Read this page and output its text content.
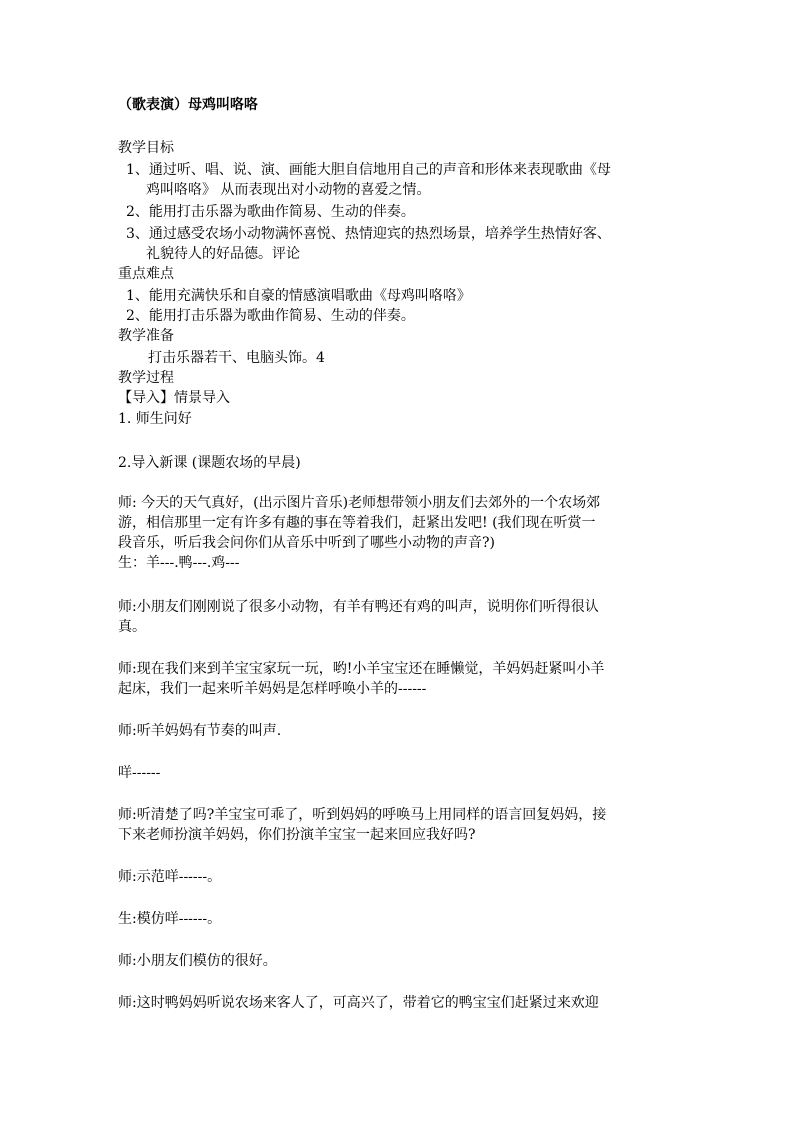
（歌表演）母鸡叫咯咯
教学目标
1、通过听、唱、说、演、画能大胆自信地用自己的声音和形体来表现歌曲《母
鸡叫咯咯》 从而表现出对小动物的喜爱之情。
2、能用打击乐器为歌曲作简易、生动的伴奏。
3、通过感受农场小动物满怀喜悦、热情迎宾的热烈场景，培养学生热情好客、
礼貌待人的好品德。评论
重点难点
1、能用充满快乐和自豪的情感演唱歌曲《母鸡叫咯咯》
2、能用打击乐器为歌曲作简易、生动的伴奏。
教学准备
打击乐器若干、电脑头饰。4
教学过程
【导入】情景导入
1. 师生问好
2.导入新课 (课题农场的早晨)
师: 今天的天气真好，(出示图片音乐)老师想带领小朋友们去郊外的一个农场郊
游，相信那里一定有许多有趣的事在等着我们，赶紧出发吧! (我们现在听赏一
段音乐，听后我会问你们从音乐中听到了哪些小动物的声音?)
生：羊---.鸭---.鸡---
师:小朋友们刚刚说了很多小动物，有羊有鸭还有鸡的叫声，说明你们听得很认
真。
师:现在我们来到羊宝宝家玩一玩，哟!小羊宝宝还在睡懒觉，羊妈妈赶紧叫小羊
起床，我们一起来听羊妈妈是怎样呼唤小羊的------
师:听羊妈妈有节奏的叫声.
咩------
师:听清楚了吗?羊宝宝可乖了，听到妈妈的呼唤马上用同样的语言回复妈妈，接
下来老师扮演羊妈妈，你们扮演羊宝宝一起来回应我好吗?
师:示范咩------。
生:模仿咩------。
师:小朋友们模仿的很好。
师:这时鸭妈妈听说农场来客人了，可高兴了，带着它的鸭宝宝们赶紧过来欢迎
